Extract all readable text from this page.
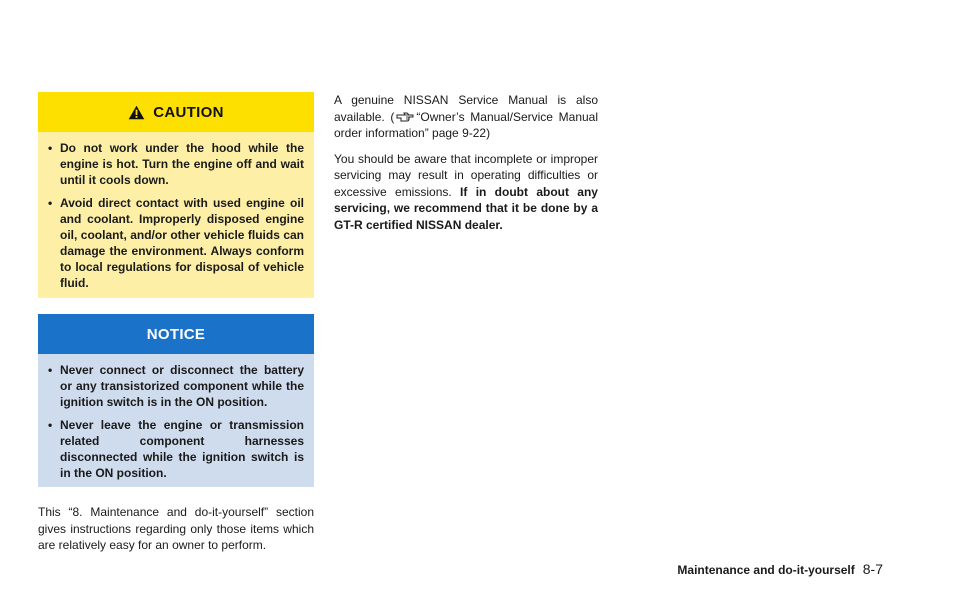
CAUTION
• Do not work under the hood while the engine is hot. Turn the engine off and wait until it cools down.
• Avoid direct contact with used engine oil and coolant. Improperly disposed engine oil, coolant, and/or other vehicle fluids can damage the environment. Always conform to local regulations for disposal of vehicle fluid.
NOTICE
• Never connect or disconnect the battery or any transistorized component while the ignition switch is in the ON position.
• Never leave the engine or transmission related component harnesses disconnected while the ignition switch is in the ON position.

This “8. Maintenance and do-it-yourself” section gives instructions regarding only those items which are relatively easy for an owner to perform.

A genuine NISSAN Service Manual is also available. ( “Owner’s Manual/Service Manual order information” page 9-22)

You should be aware that incomplete or improper servicing may result in operating difficulties or excessive emissions. If in doubt about any servicing, we recommend that it be done by a GT-R certified NISSAN dealer.

Maintenance and do-it-yourself 8-7
